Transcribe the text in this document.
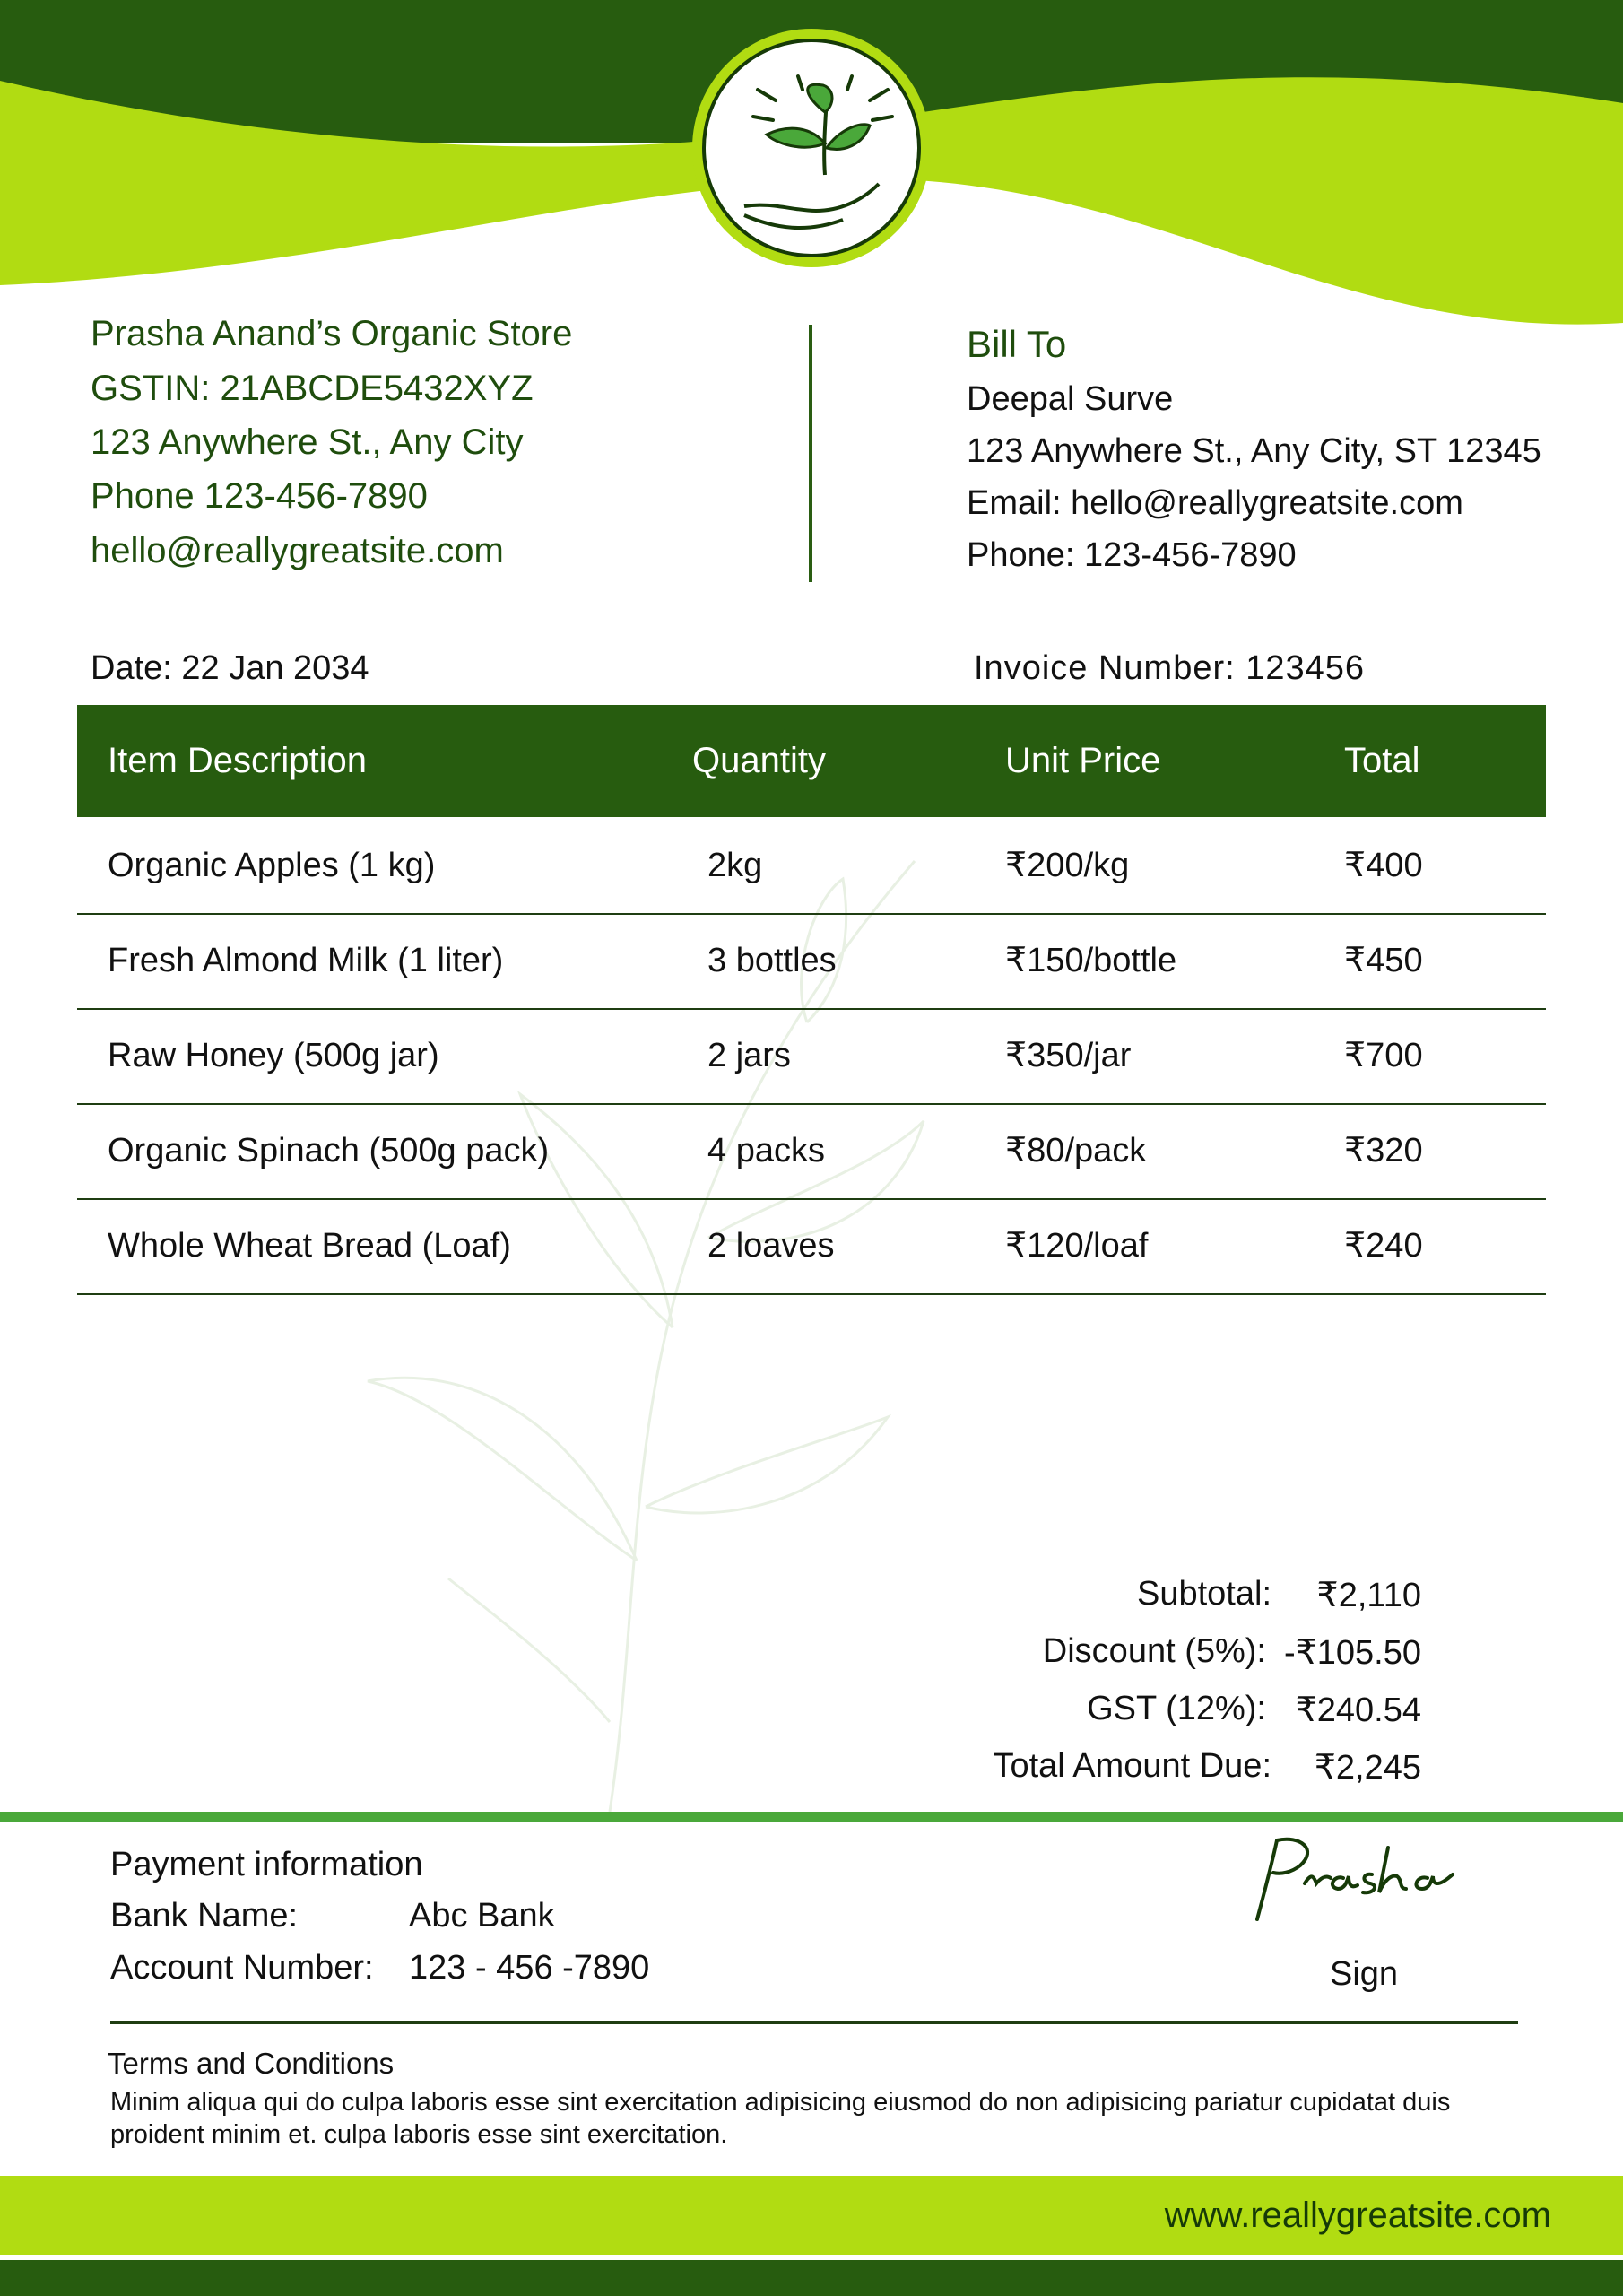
Prasha Anand’s Organic Store
GSTIN: 21ABCDE5432XYZ
123 Anywhere St., Any City
Phone 123-456-7890
hello@reallygreatsite.com
Bill To
Deepal Surve
123 Anywhere St., Any City, ST 12345
Email: hello@reallygreatsite.com
Phone: 123-456-7890
Date: 22 Jan 2034	Invoice Number: 123456
Item Description	Quantity	Unit Price	Total
Organic Apples (1 kg)	2kg	₹200/kg	₹400
Fresh Almond Milk (1 liter)	3 bottles	₹150/bottle	₹450
Raw Honey (500g jar)	2 jars	₹350/jar	₹700
Organic Spinach (500g pack)	4 packs	₹80/pack	₹320
Whole Wheat Bread (Loaf)	2 loaves	₹120/loaf	₹240
Subtotal:	₹2,110
Discount (5%): -₹105.50
GST (12%): ₹240.54
Total Amount Due:	₹2,245
Payment information
Bank Name:	Abc Bank
Account Number: 123 - 456 -7890	Sign
Terms and Conditions
Minim aliqua qui do culpa laboris esse sint exercitation adipisicing eiusmod do non adipisicing pariatur cupidatat duis proident minim et. culpa laboris esse sint exercitation.
www.reallygreatsite.com
